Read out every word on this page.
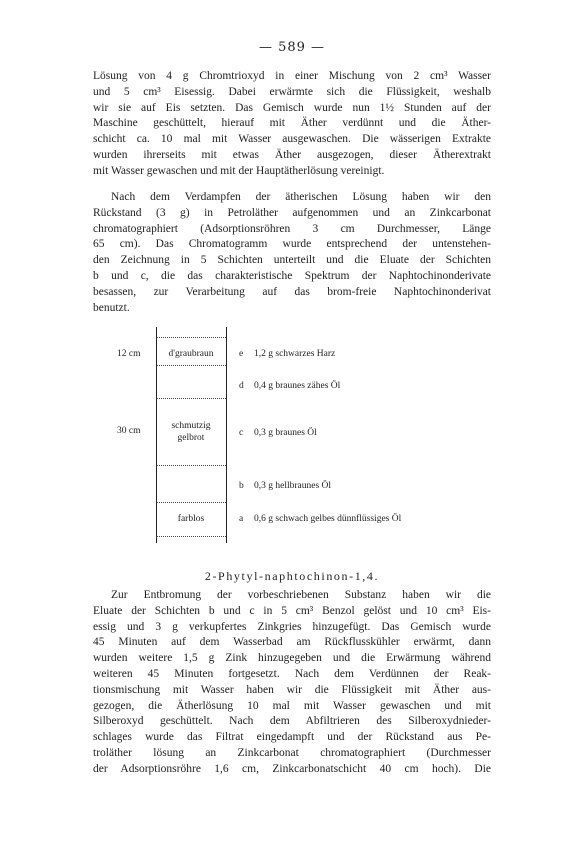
— 589 —
Lösung von 4 g Chromtrioxyd in einer Mischung von 2 cm³ Wasser
und 5 cm³ Eisessig. Dabei erwärmte sich die Flüssigkeit, weshalb
wir sie auf Eis setzten. Das Gemisch wurde nun 1½ Stunden auf der
Maschine geschüttelt, hierauf mit Äther verdünnt und die Äther-
schicht ca. 10 mal mit Wasser ausgewaschen. Die wässerigen Extrakte
wurden ihrerseits mit etwas Äther ausgezogen, dieser Ätherextrakt
mit Wasser gewaschen und mit der Hauptätherlösung vereinigt.
Nach dem Verdampfen der ätherischen Lösung haben wir den
Rückstand (3 g) in Petroläther aufgenommen und an Zinkcarbonat
chromatographiert (Adsorptionsröhren 3 cm Durchmesser, Länge
65 cm). Das Chromatogramm wurde entsprechend der untenstehen-
den Zeichnung in 5 Schichten unterteilt und die Eluate der Schichten
b und c, die das charakteristische Spektrum der Naphtochinonderivate
besassen, zur Verarbeitung auf das brom-freie Naphtochinonderivat
benutzt.
12 cm
30 cm
d'graubraun
schmutzig
gelbrot
farblos
e 1,2 g schwarzes Harz
d 0,4 g braunes zähes Öl
c 0,3 g braunes Öl
b 0,3 g hellbraunes Öl
a 0,6 g schwach gelbes dünnflüssiges Öl
2-Phytyl-naphtochinon-1,4.
Zur Entbromung der vorbeschriebenen Substanz haben wir die
Eluate der Schichten b und c in 5 cm³ Benzol gelöst und 10 cm³ Eis-
essig und 3 g verkupfertes Zinkgries hinzugefügt. Das Gemisch wurde
45 Minuten auf dem Wasserbad am Rückflusskühler erwärmt, dann
wurden weitere 1,5 g Zink hinzugegeben und die Erwärmung während
weiteren 45 Minuten fortgesetzt. Nach dem Verdünnen der Reak-
tionsmischung mit Wasser haben wir die Flüssigkeit mit Äther aus-
gezogen, die Ätherlösung 10 mal mit Wasser gewaschen und mit
Silberoxyd geschüttelt. Nach dem Abfiltrieren des Silberoxydnieder-
schlages wurde das Filtrat eingedampft und der Rückstand aus Pe-
troläther lösung an Zinkcarbonat chromatographiert (Durchmesser
der Adsorptionsröhre 1,6 cm, Zinkcarbonatschicht 40 cm hoch). Die
